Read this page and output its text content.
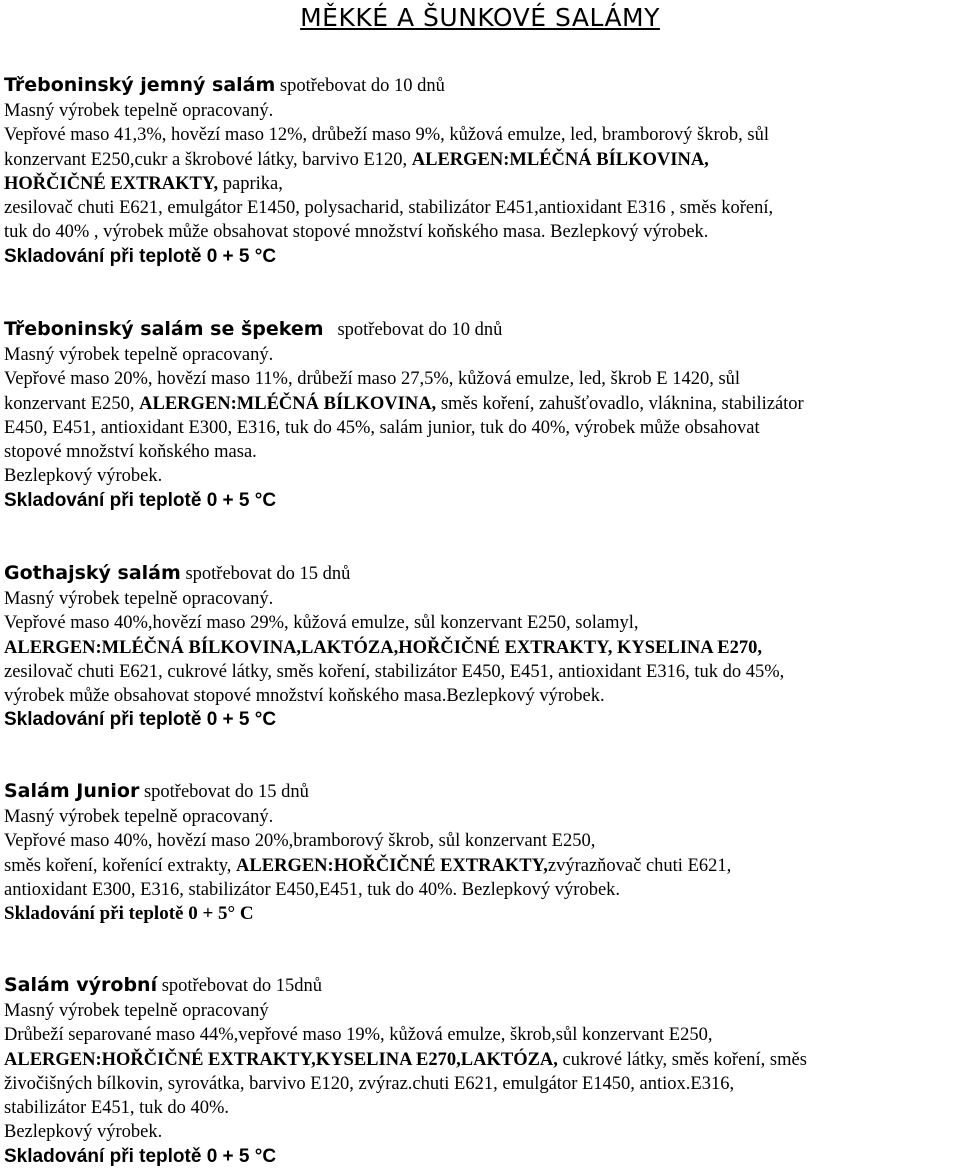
MĚKKÉ A ŠUNKOVÉ SALÁMY
Třeboninský jemný salám spotřebovat do 10 dnů
Masný výrobek tepelně opracovaný.
Vepřové maso 41,3%, hovězí maso 12%, drůbeží maso 9%, kůžová emulze, led, bramborový škrob, sůl
konzervant E250,cukr a škrobové látky, barvivo E120, ALERGEN:MLÉČNÁ BÍLKOVINA,
HOŘČIČNÉ EXTRAKTY, paprika,
zesilovač chuti E621, emulgátor E1450, polysacharid, stabilizátor E451,antioxidant E316 , směs koření,
tuk do 40% , výrobek může obsahovat stopové množství koňského masa. Bezlepkový výrobek.
Skladování při teplotě 0 + 5 °C
Třeboninský salám se špekem spotřebovat do 10 dnů
Masný výrobek tepelně opracovaný.
Vepřové maso 20%, hovězí maso 11%, drůbeží maso 27,5%, kůžová emulze, led, škrob E 1420, sůl
konzervant E250, ALERGEN:MLÉČNÁ BÍLKOVINA, směs koření, zahušťovadlo, vláknina, stabilizátor
E450, E451, antioxidant E300, E316, tuk do 45%, salám junior, tuk do 40%, výrobek může obsahovat
stopové množství koňského masa.
Bezlepkový výrobek.
Skladování při teplotě 0 + 5 °C
Gothajský salám spotřebovat do 15 dnů
Masný výrobek tepelně opracovaný.
Vepřové maso 40%,hovězí maso 29%, kůžová emulze, sůl konzervant E250, solamyl,
ALERGEN:MLÉČNÁ BÍLKOVINA,LAKTÓZA,HOŘČIČNÉ EXTRAKTY, KYSELINA E270,
zesilovač chuti E621, cukrové látky, směs koření, stabilizátor E450, E451, antioxidant E316, tuk do 45%,
výrobek může obsahovat stopové množství koňského masa.Bezlepkový výrobek.
Skladování při teplotě 0 + 5 °C
Salám Junior spotřebovat do 15 dnů
Masný výrobek tepelně opracovaný.
Vepřové maso 40%, hovězí maso 20%,bramborový škrob, sůl konzervant E250,
směs koření, kořenící extrakty, ALERGEN:HOŘČIČNÉ EXTRAKTY,zvýrazňovač chuti E621,
antioxidant E300, E316, stabilizátor E450,E451, tuk do 40%. Bezlepkový výrobek.
Skladování při teplotě 0 + 5° C
Salám výrobní spotřebovat do 15dnů
Masný výrobek tepelně opracovaný
Drůbeží separované maso 44%,vepřové maso 19%, kůžová emulze, škrob,sůl konzervant E250,
ALERGEN:HOŘČIČNÉ EXTRAKTY,KYSELINA E270,LAKTÓZA, cukrové látky, směs koření, směs
živočišných bílkovin, syrovátka, barvivo E120, zvýraz.chuti E621, emulgátor E1450, antiox.E316,
stabilizátor E451, tuk do 40%.
Bezlepkový výrobek.
Skladování při teplotě 0 + 5 °C
